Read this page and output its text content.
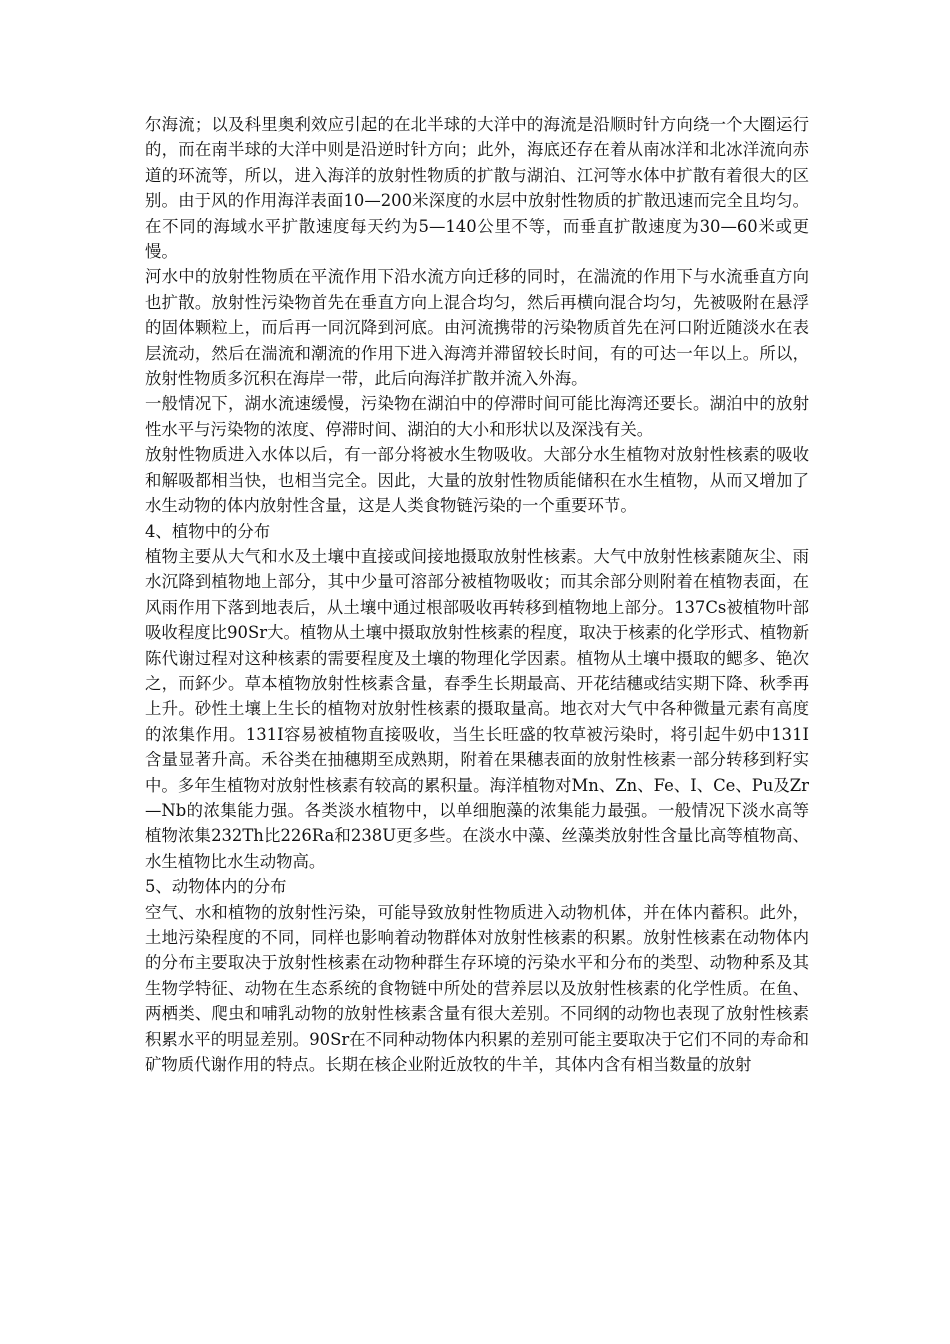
尔海流；以及科里奥利效应引起的在北半球的大洋中的海流是沿顺时针方向绕一个大圈运行的，而在南半球的大洋中则是沿逆时针方向；此外，海底还存在着从南冰洋和北冰洋流向赤道的环流等，所以，进入海洋的放射性物质的扩散与湖泊、江河等水体中扩散有着很大的区别。由于风的作用海洋表面10—200米深度的水层中放射性物质的扩散迅速而完全且均匀。在不同的海域水平扩散速度每天约为5—140公里不等，而垂直扩散速度为30—60米或更慢。

河水中的放射性物质在平流作用下沿水流方向迁移的同时，在湍流的作用下与水流垂直方向也扩散。放射性污染物首先在垂直方向上混合均匀，然后再横向混合均匀，先被吸附在悬浮的固体颗粒上，而后再一同沉降到河底。由河流携带的污染物质首先在河口附近随淡水在表层流动，然后在湍流和潮流的作用下进入海湾并滞留较长时间，有的可达一年以上。所以，放射性物质多沉积在海岸一带，此后向海洋扩散并流入外海。

一般情况下，湖水流速缓慢，污染物在湖泊中的停滞时间可能比海湾还要长。湖泊中的放射性水平与污染物的浓度、停滞时间、湖泊的大小和形状以及深浅有关。

放射性物质进入水体以后，有一部分将被水生物吸收。大部分水生植物对放射性核素的吸收和解吸都相当快，也相当完全。因此，大量的放射性物质能储积在水生植物，从而又增加了水生动物的体内放射性含量，这是人类食物链污染的一个重要环节。

4、植物中的分布

植物主要从大气和水及土壤中直接或间接地摄取放射性核素。大气中放射性核素随灰尘、雨水沉降到植物地上部分，其中少量可溶部分被植物吸收；而其余部分则附着在植物表面，在风雨作用下落到地表后，从土壤中通过根部吸收再转移到植物地上部分。137Cs被植物叶部吸收程度比90Sr大。植物从土壤中摄取放射性核素的程度，取决于核素的化学形式、植物新陈代谢过程对这种核素的需要程度及土壤的物理化学因素。植物从土壤中摄取的鳃多、铯次之，而鈈少。草本植物放射性核素含量，春季生长期最高、开花结穗或结实期下降、秋季再上升。砂性土壤上生长的植物对放射性核素的摄取量高。地衣对大气中各种微量元素有高度的浓集作用。131I容易被植物直接吸收，当生长旺盛的牧草被污染时，将引起牛奶中131I含量显著升高。禾谷类在抽穗期至成熟期，附着在果穗表面的放射性核素一部分转移到籽实中。多年生植物对放射性核素有较高的累积量。海洋植物对Mn、Zn、Fe、I、Ce、Pu及Zr—Nb的浓集能力强。各类淡水植物中，以单细胞藻的浓集能力最强。一般情况下淡水高等植物浓集232Th比226Ra和238U更多些。在淡水中藻、丝藻类放射性含量比高等植物高、水生植物比水生动物高。

5、动物体内的分布

空气、水和植物的放射性污染，可能导致放射性物质进入动物机体，并在体内蓄积。此外，土地污染程度的不同，同样也影响着动物群体对放射性核素的积累。放射性核素在动物体内的分布主要取决于放射性核素在动物种群生存环境的污染水平和分布的类型、动物种系及其生物学特征、动物在生态系统的食物链中所处的营养层以及放射性核素的化学性质。在鱼、两栖类、爬虫和哺乳动物的放射性核素含量有很大差别。不同纲的动物也表现了放射性核素积累水平的明显差别。90Sr在不同种动物体内积累的差别可能主要取决于它们不同的寿命和矿物质代谢作用的特点。长期在核企业附近放牧的牛羊，其体内含有相当数量的放射
